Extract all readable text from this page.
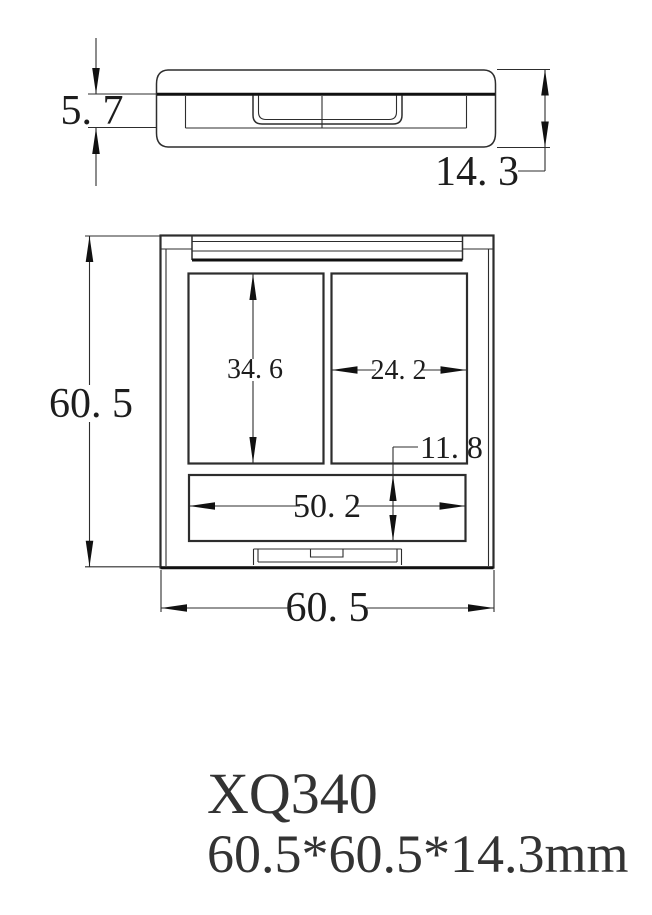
5. 7
14. 3
60. 5
34. 6	24. 2
11. 8
50. 2
60. 5
XQ340
60.5*60.5*14.3mm
